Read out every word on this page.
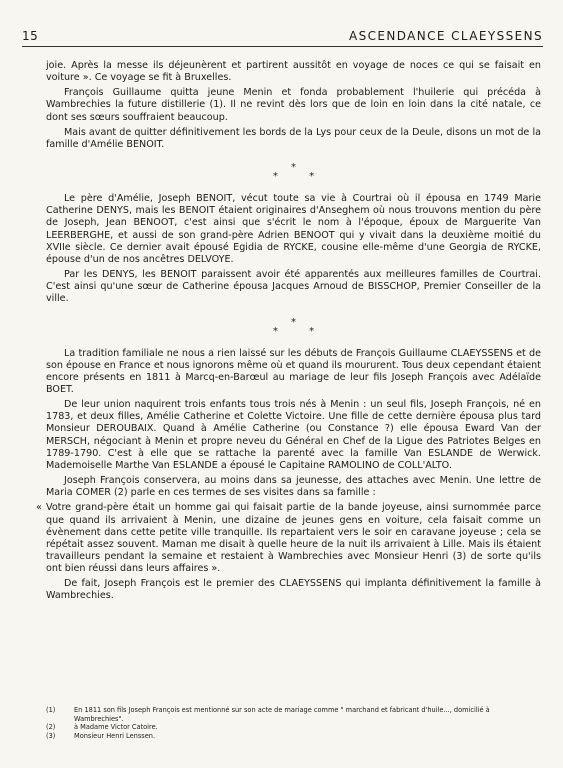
15	ASCENDANCE CLAEYSSENS

joie. Après la messe ils déjeunèrent et partirent aussitôt en voyage de noces ce qui se faisait en voiture ». Ce voyage se fit à Bruxelles.

François Guillaume quitta jeune Menin et fonda probablement l'huilerie qui précéda à Wambrechies la future distillerie (1). Il ne revint dès lors que de loin en loin dans la cité natale, ce dont ses sœurs souffraient beaucoup.

Mais avant de quitter définitivement les bords de la Lys pour ceux de la Deule, disons un mot de la famille d'Amélie BENOIT.

*
* *

Le père d'Amélie, Joseph BENOIT, vécut toute sa vie à Courtrai où il épousa en 1749 Marie Catherine DENYS, mais les BENOIT étaient originaires d'Anseghem où nous trouvons mention du père de Joseph, Jean BENOOT, c'est ainsi que s'écrit le nom à l'époque, époux de Marguerite Van LEERBERGHE, et aussi de son grand-père Adrien BENOOT qui y vivait dans la deuxième moitié du XVIIe siècle. Ce dernier avait épousé Egidia de RYCKE, cousine elle-même d'une Georgia de RYCKE, épouse d'un de nos ancêtres DELVOYE.

Par les DENYS, les BENOIT paraissent avoir été apparentés aux meilleures familles de Courtrai. C'est ainsi qu'une sœur de Catherine épousa Jacques Arnoud de BISSCHOP, Premier Conseiller de la ville.

*
* *

La tradition familiale ne nous a rien laissé sur les débuts de François Guillaume CLAEYSSENS et de son épouse en France et nous ignorons même où et quand ils moururent. Tous deux cependant étaient encore présents en 1811 à Marcq-en-Barœul au mariage de leur fils Joseph François avec Adélaïde BOET.

De leur union naquirent trois enfants tous trois nés à Menin : un seul fils, Joseph François, né en 1783, et deux filles, Amélie Catherine et Colette Victoire. Une fille de cette dernière épousa plus tard Monsieur DEROUBAIX. Quand à Amélie Catherine (ou Constance ?) elle épousa Eward Van der MERSCH, négociant à Menin et propre neveu du Général en Chef de la Ligue des Patriotes Belges en 1789-1790. C'est à elle que se rattache la parenté avec la famille Van ESLANDE de Werwick. Mademoiselle Marthe Van ESLANDE a épousé le Capitaine RAMOLINO de COLL'ALTO.

Joseph François conservera, au moins dans sa jeunesse, des attaches avec Menin. Une lettre de Maria COMER (2) parle en ces termes de ses visites dans sa famille :

« Votre grand-père était un homme gai qui faisait partie de la bande joyeuse, ainsi surnommée parce que quand ils arrivaient à Menin, une dizaine de jeunes gens en voiture, cela faisait comme un évènement dans cette petite ville tranquille. Ils repartaient vers le soir en caravane joyeuse ; cela se répétait assez souvent. Maman me disait à quelle heure de la nuit ils arrivaient à Lille. Mais ils étaient travailleurs pendant la semaine et restaient à Wambrechies avec Monsieur Henri (3) de sorte qu'ils ont bien réussi dans leurs affaires ».

De fait, Joseph François est le premier des CLAEYSSENS qui implanta définitivement la famille à Wambrechies.

(1)	En 1811 son fils Joseph François est mentionné sur son acte de mariage comme " marchand et fabricant d'huile..., domicilié à Wambrechies".
(2)	à Madame Victor Catoire.
(3)	Monsieur Henri Lenssen.
